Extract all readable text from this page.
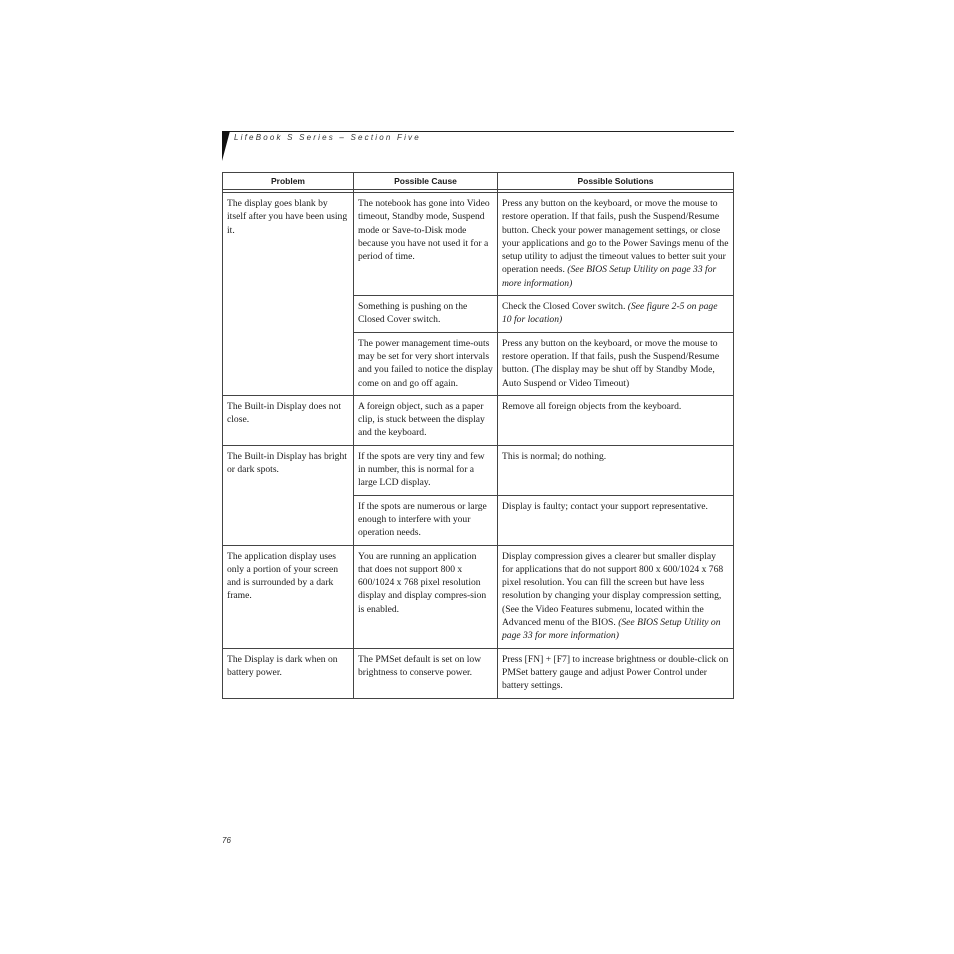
LifeBook S Series – Section Five
Problem	Possible Cause	Possible Solutions

The display goes blank by itself after you have been using it.	The notebook has gone into Video timeout, Standby mode, Suspend mode or Save-to-Disk mode because you have not used it for a period of time.	Press any button on the keyboard, or move the mouse to restore operation. If that fails, push the Suspend/Resume button. Check your power management settings, or close your applications and go to the Power Savings menu of the setup utility to adjust the timeout values to better suit your operation needs. (See BIOS Setup Utility on page 33 for more information)
	Something is pushing on the Closed Cover switch.	Check the Closed Cover switch. (See figure 2-5 on page 10 for location)
	The power management time-outs may be set for very short intervals and you failed to notice the display come on and go off again.	Press any button on the keyboard, or move the mouse to restore operation. If that fails, push the Suspend/Resume button. (The display may be shut off by Standby Mode, Auto Suspend or Video Timeout)
The Built-in Display does not close.	A foreign object, such as a paper clip, is stuck between the display and the keyboard.	Remove all foreign objects from the keyboard.
The Built-in Display has bright or dark spots.	If the spots are very tiny and few in number, this is normal for a large LCD display.	This is normal; do nothing.
	If the spots are numerous or large enough to interfere with your operation needs.	Display is faulty; contact your support representative.
The application display uses only a portion of your screen and is surrounded by a dark frame.	You are running an application that does not support 800 x 600/1024 x 768 pixel resolution display and display compres-sion is enabled.	Display compression gives a clearer but smaller display for applications that do not support 800 x 600/1024 x 768 pixel resolution. You can fill the screen but have less resolution by changing your display compression setting, (See the Video Features submenu, located within the Advanced menu of the BIOS. (See BIOS Setup Utility on page 33 for more information)
The Display is dark when on battery power.	The PMSet default is set on low brightness to conserve power.	Press [FN] + [F7] to increase brightness or double-click on PMSet battery gauge and adjust Power Control under battery settings.
76
